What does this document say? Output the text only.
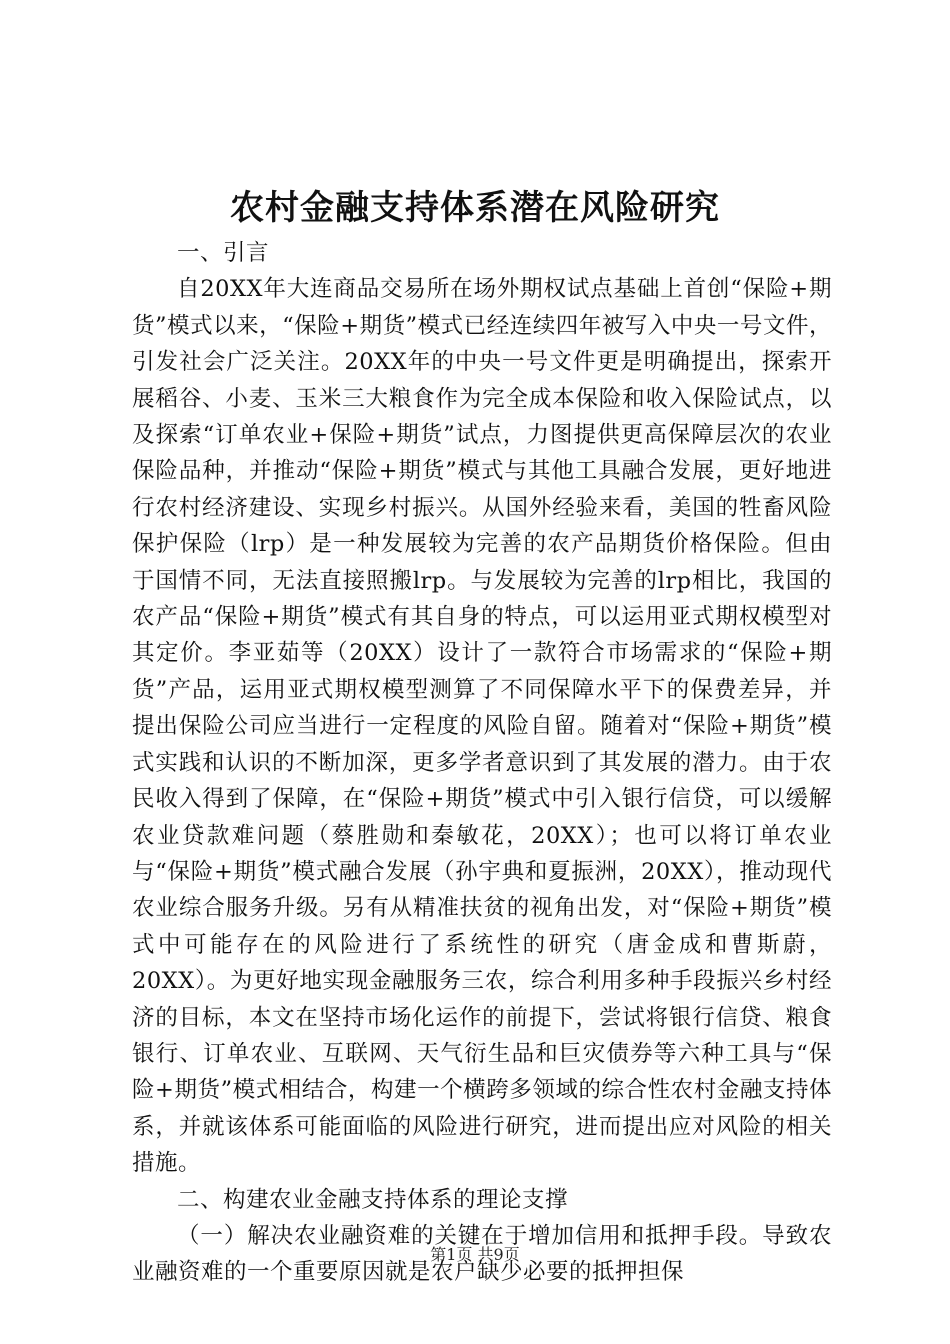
农村金融支持体系潜在风险研究

一、引言

自20XX年大连商品交易所在场外期权试点基础上首创“保险+期货”模式以来，“保险+期货”模式已经连续四年被写入中央一号文件，引发社会广泛关注。20XX年的中央一号文件更是明确提出，探索开展稻谷、小麦、玉米三大粮食作为完全成本保险和收入保险试点，以及探索“订单农业+保险+期货”试点，力图提供更高保障层次的农业保险品种，并推动“保险+期货”模式与其他工具融合发展，更好地进行农村经济建设、实现乡村振兴。从国外经验来看，美国的牲畜风险保护保险（lrp）是一种发展较为完善的农产品期货价格保险。但由于国情不同，无法直接照搬lrp。与发展较为完善的lrp相比，我国的农产品“保险+期货”模式有其自身的特点，可以运用亚式期权模型对其定价。李亚茹等（20XX）设计了一款符合市场需求的“保险+期货”产品，运用亚式期权模型测算了不同保障水平下的保费差异，并提出保险公司应当进行一定程度的风险自留。随着对“保险+期货”模式实践和认识的不断加深，更多学者意识到了其发展的潜力。由于农民收入得到了保障，在“保险+期货”模式中引入银行信贷，可以缓解农业贷款难问题（蔡胜勋和秦敏花，20XX）；也可以将订单农业与“保险+期货”模式融合发展（孙宇典和夏振洲，20XX），推动现代农业综合服务升级。另有从精准扶贫的视角出发，对“保险+期货”模式中可能存在的风险进行了系统性的研究（唐金成和曹斯蔚，20XX）。为更好地实现金融服务三农，综合利用多种手段振兴乡村经济的目标，本文在坚持市场化运作的前提下，尝试将银行信贷、粮食银行、订单农业、互联网、天气衍生品和巨灾债券等六种工具与“保险+期货”模式相结合，构建一个横跨多领域的综合性农村金融支持体系，并就该体系可能面临的风险进行研究，进而提出应对风险的相关措施。

二、构建农业金融支持体系的理论支撑

（一）解决农业融资难的关键在于增加信用和抵押手段。导致农业融资难的一个重要原因就是农户缺少必要的抵押担保

第1页 共9页
